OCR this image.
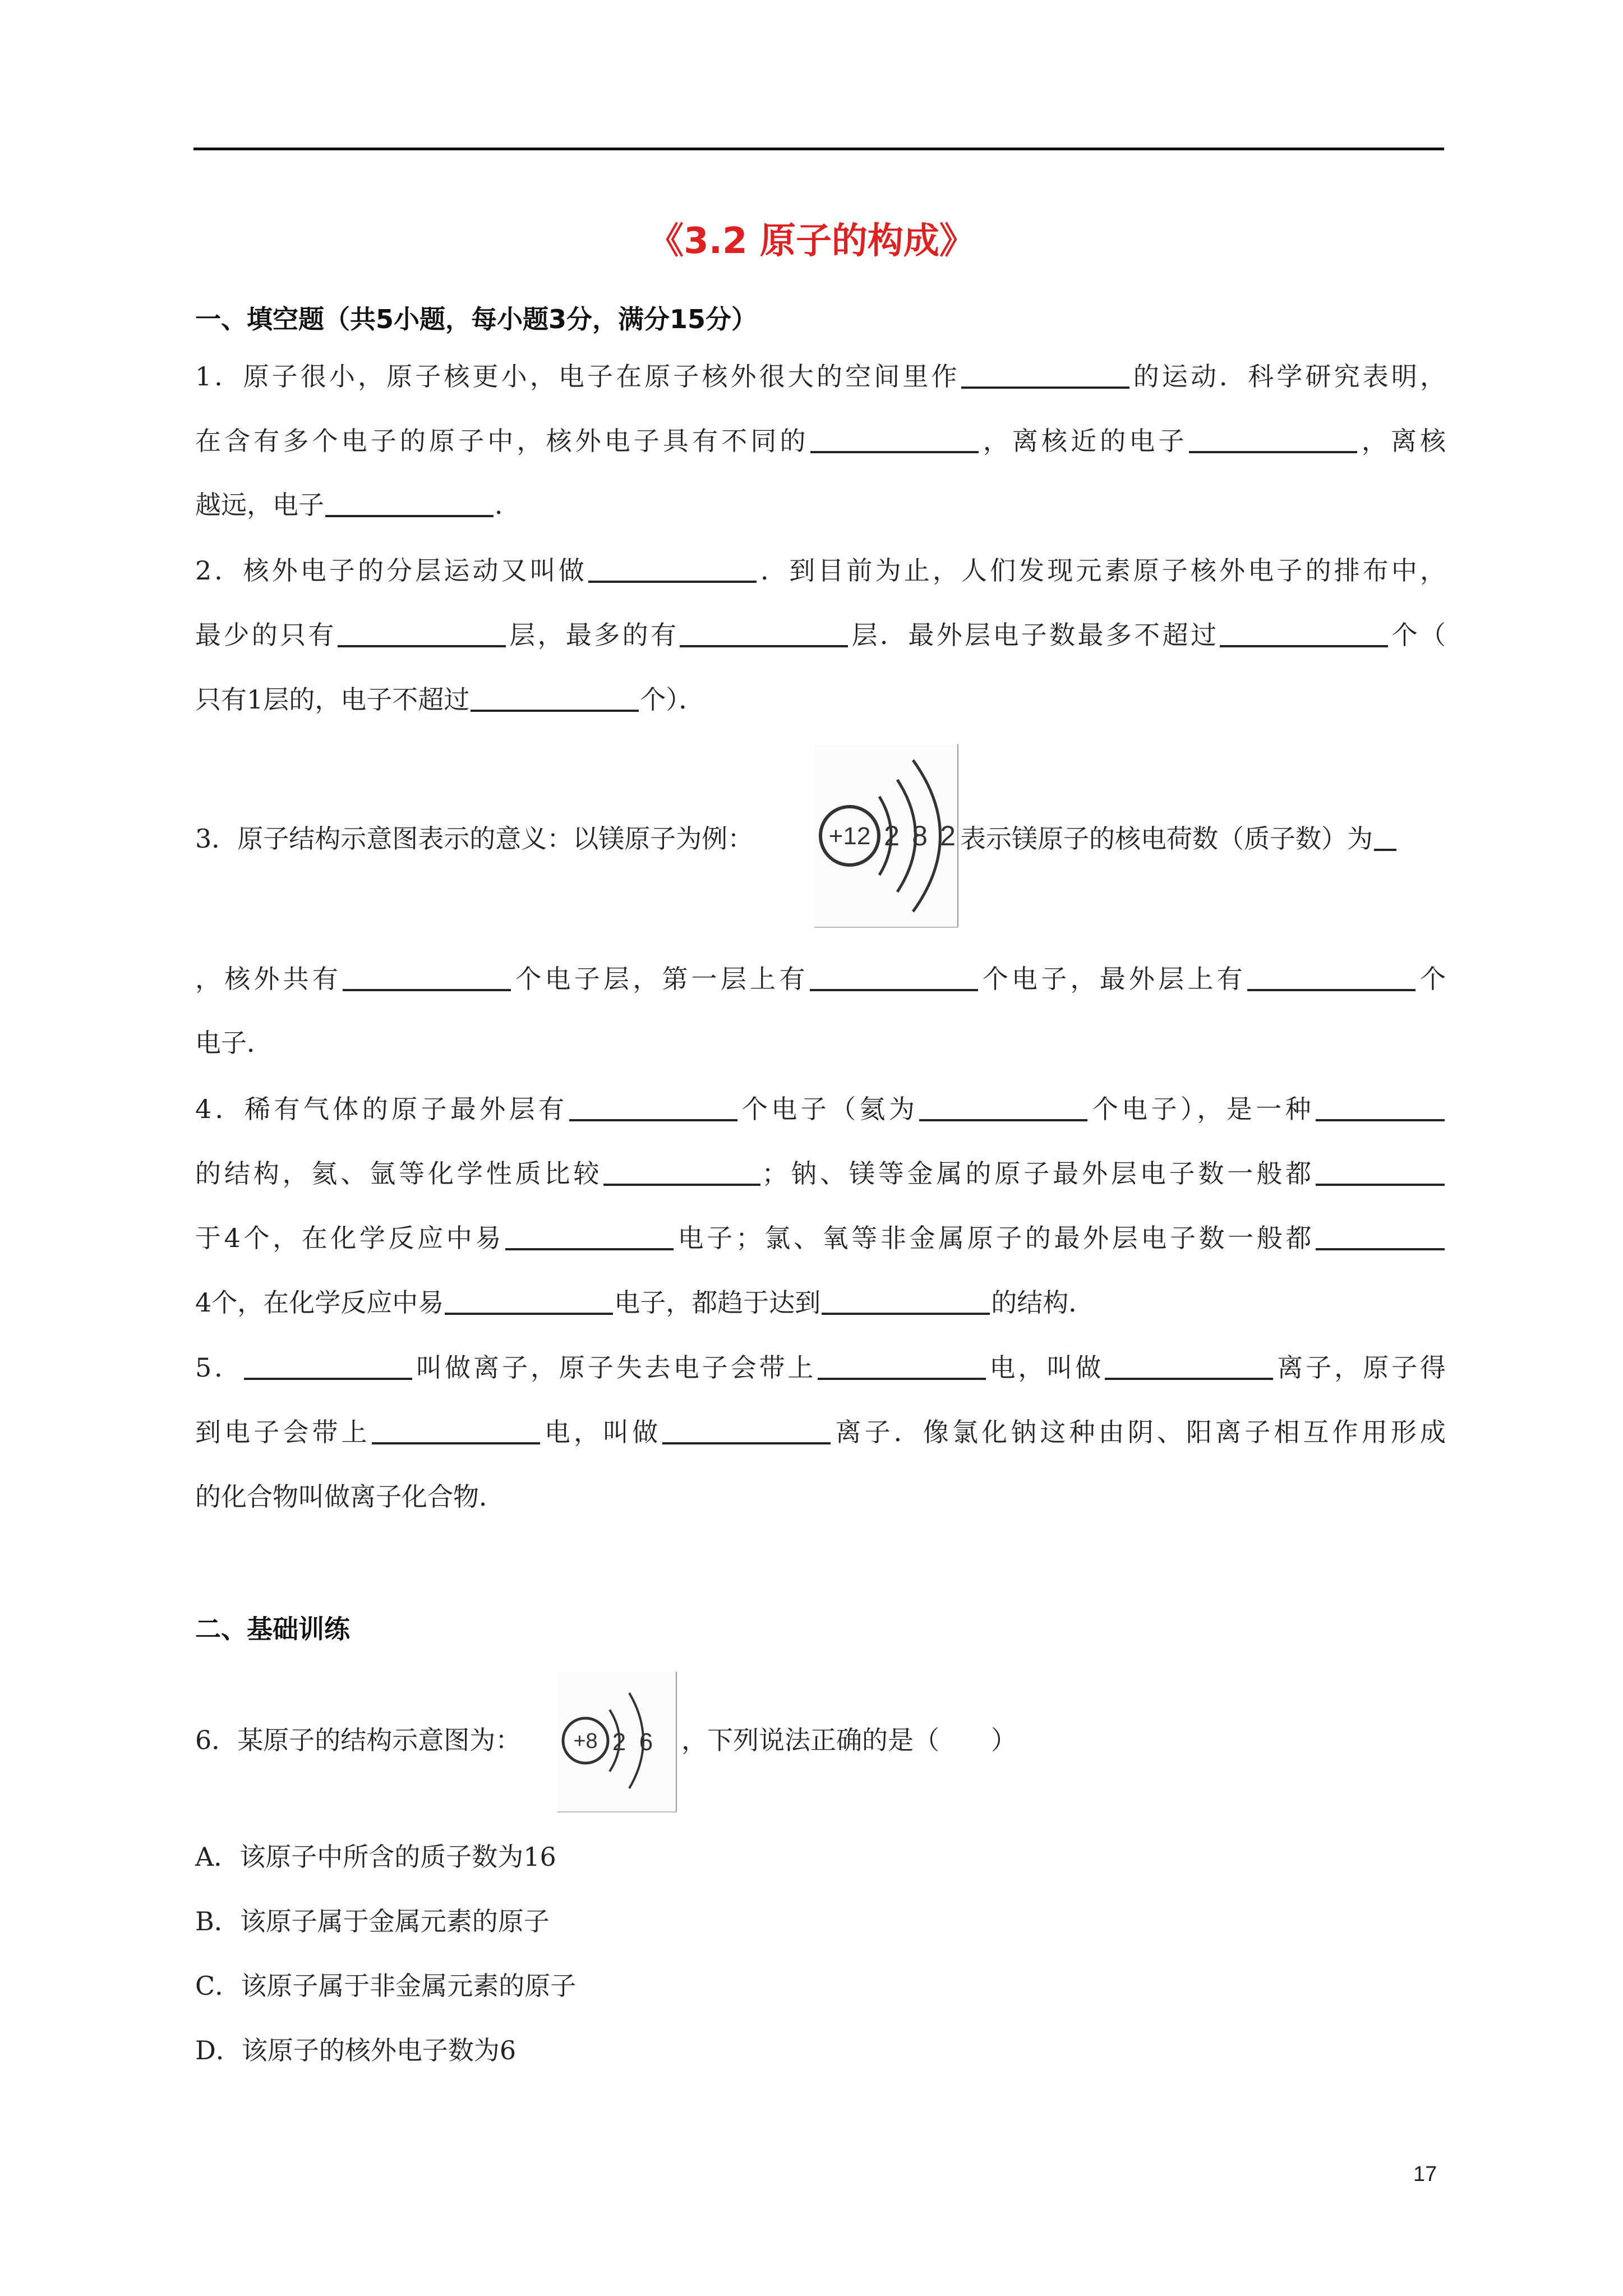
《3.2 原子的构成》
一、填空题（共5小题，每小题3分，满分15分）
1．原子很小，原子核更小，电子在原子核外很大的空间里作	的运动．科学研究表明，
在含有多个电子的原子中，核外电子具有不同的	，离核近的电子	，离核
越远，电子	．
2．核外电子的分层运动又叫做	．到目前为止，人们发现元素原子核外电子的排布中，
最少的只有	层，最多的有	层．最外层电子数最多不超过	个（
只有1层的，电子不超过	个）．
3．原子结构示意图表示的意义：以镁原子为例：	+12 2 8 2 表示镁原子的核电荷数（质子数）为
，核外共有	个电子层，第一层上有	个电子，最外层上有	个
电子．
4．稀有气体的原子最外层有	个电子（氦为	个电子），是一种
的结构，氦、氩等化学性质比较	；钠、镁等金属的原子最外层电子数一般都
于4个，在化学反应中易	电子；氯、氧等非金属原子的最外层电子数一般都
4个，在化学反应中易	电子，都趋于达到	的结构．
5．	叫做离子，原子失去电子会带上	电，叫做	离子，原子得
到电子会带上	电，叫做	离子．像氯化钠这种由阴、阳离子相互作用形成
的化合物叫做离子化合物．
二、基础训练
6．某原子的结构示意图为： +8 2 6 ，下列说法正确的是（　　）
A．该原子中所含的质子数为16
B．该原子属于金属元素的原子
C．该原子属于非金属元素的原子
D．该原子的核外电子数为6
17
